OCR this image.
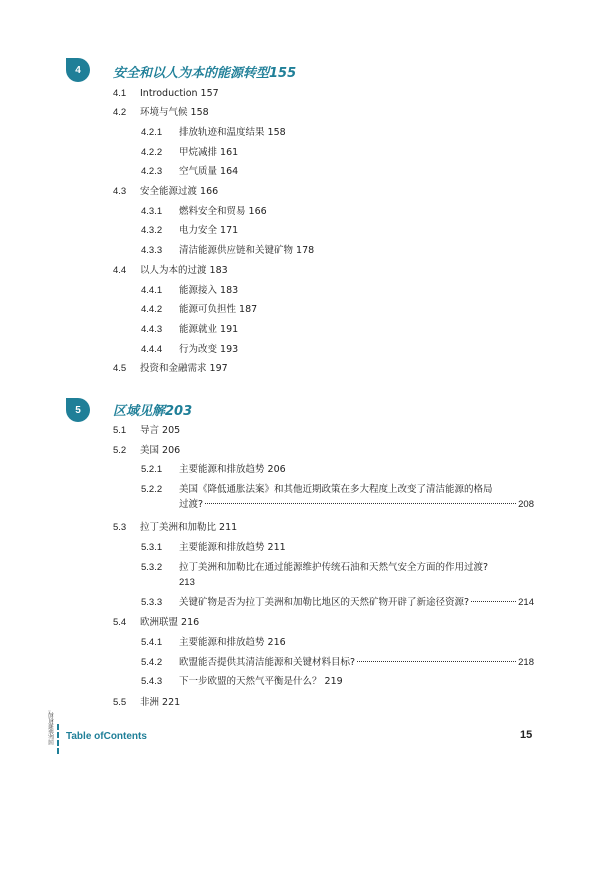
4	安全和以人为本的能源转型155
4.1 Introduction 157
4.2 环境与气候 158
4.2.1 排放轨迹和温度结果 158
4.2.2 甲烷减排 161
4.2.3 空气质量 164
4.3 安全能源过渡 166
4.3.1 燃料安全和贸易 166
4.3.2 电力安全 171
4.3.3 清洁能源供应链和关键矿物 178
4.4 以人为本的过渡 183
4.4.1 能源接入 183
4.4.2 能源可负担性 187
4.4.3 能源就业 191
4.4.4 行为改变 193
4.5 投资和金融需求 197
5	区域见解203
5.1 导言 205
5.2 美国 206
5.2.1 主要能源和排放趋势 206
5.2.2 美国《降低通胀法案》和其他近期政策在多大程度上改变了清洁能源的格局
过渡?	208
5.3 拉丁美洲和加勒比 211
5.3.1 主要能源和排放趋势 211
5.3.2 拉丁美洲和加勒比在通过能源维护传统石油和天然气安全方面的作用过渡?
213
5.3.3 关键矿物是否为拉丁美洲和加勒比地区的天然矿物开辟了新途径资源?	214
5.4 欧洲联盟 216
5.4.1 主要能源和排放趋势 216
5.4.2 欧盟能否提供其清洁能源和关键材料目标?	218
5.4.3 下一步欧盟的天然气平衡是什么？ 219
5.5 非洲 221
国际能源机构。 Table ofContents	15
